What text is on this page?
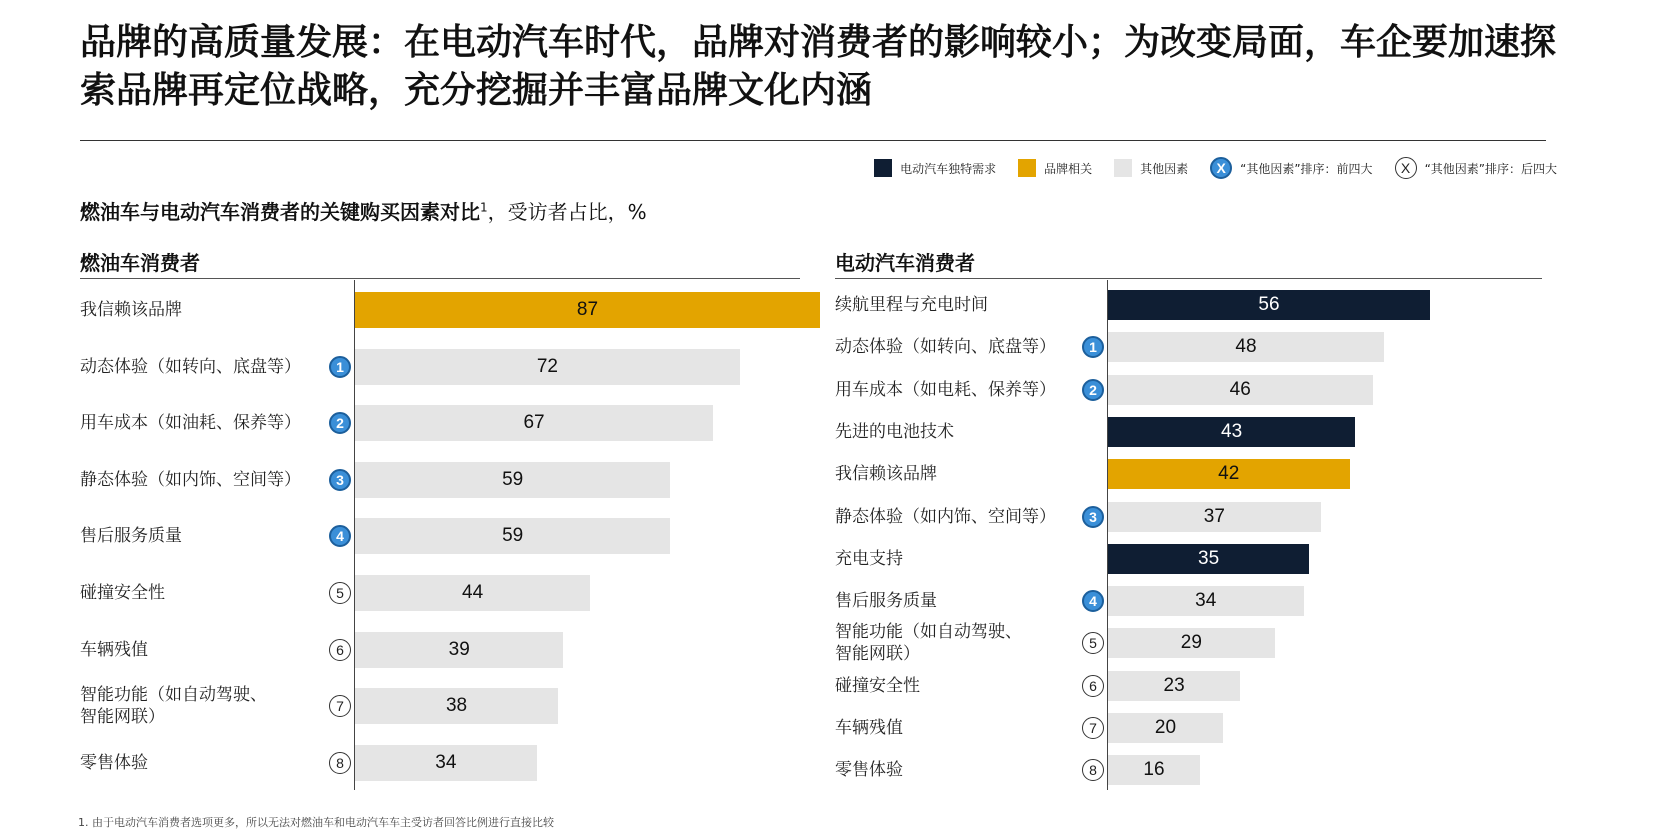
品牌的高质量发展：在电动汽车时代，品牌对消费者的影响较小；为改变局面，车企要加速探索品牌再定位战略，充分挖掘并丰富品牌文化内涵
电动汽车独特需求	品牌相关	其他因素	X	“其他因素”排序：前四大	X	“其他因素”排序：后四大
燃油车与电动汽车消费者的关键购买因素对比$^1$，受访者占比，%
燃油车消费者
我信赖该品牌	87
动态体验（如转向、底盘等）	1	72
用车成本（如油耗、保养等）	2	67
静态体验（如内饰、空间等）	3	59
售后服务质量	4	59
碰撞安全性	5	44
车辆残值	6	39
智能功能（如自动驾驶、
智能网联）
7	38
零售体验	8	34
电动汽车消费者
续航里程与充电时间	56
动态体验（如转向、底盘等）	1	48
用车成本（如电耗、保养等）	2	46
先进的电池技术	43
我信赖该品牌	42
静态体验（如内饰、空间等）	3	37
充电支持	35
售后服务质量	4	34
智能功能（如自动驾驶、
智能网联）
5	29
碰撞安全性	6	23
车辆残值	7	20
零售体验	8	16
1. 由于电动汽车消费者选项更多，所以无法对燃油车和电动汽车车主受访者回答比例进行直接比较
